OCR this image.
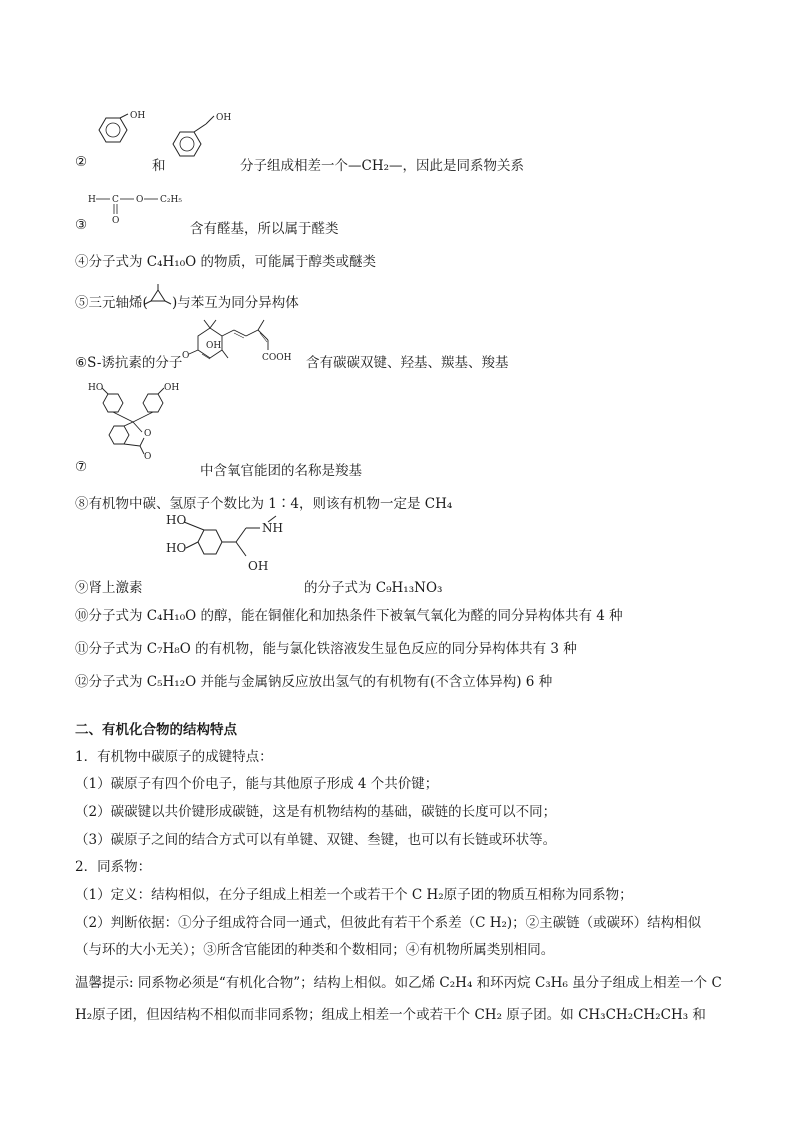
OH	OH
②	和	分子组成相差一个—CH₂—，因此是同系物关系
H C
O
O C₂H₅
③	含有醛基，所以属于醛类
④分子式为 C₄H₁₀O 的物质，可能属于醇类或醚类
⑤三元轴烯( )与苯互为同分异构体
⑥S-诱抗素的分子 O
OH
COOH 含有碳碳双键、羟基、羰基、羧基
HO	OH
O
O
⑦	中含氧官能团的名称是羧基
⑧有机物中碳、氢原子个数比为 1∶4，则该有机物一定是 CH₄
HO
HO
OH
NH
⑨肾上激素	的分子式为 C₉H₁₃NO₃
⑩分子式为 C₄H₁₀O 的醇，能在铜催化和加热条件下被氧气氧化为醛的同分异构体共有 4 种
⑪分子式为 C₇H₈O 的有机物，能与氯化铁溶液发生显色反应的同分异构体共有 3 种
⑫分子式为 C₅H₁₂O 并能与金属钠反应放出氢气的有机物有(不含立体异构) 6 种
二、有机化合物的结构特点
1．有机物中碳原子的成键特点：
（1）碳原子有四个价电子，能与其他原子形成 4 个共价键；
（2）碳碳键以共价键形成碳链，这是有机物结构的基础，碳链的长度可以不同；
（3）碳原子之间的结合方式可以有单键、双键、叁键，也可以有长链或环状等。
2．同系物：
（1）定义：结构相似，在分子组成上相差一个或若干个 C H₂原子团的物质互相称为同系物；
（2）判断依据：①分子组成符合同一通式，但彼此有若干个系差（C H₂)；②主碳链（或碳环）结构相似
（与环的大小无关）；③所含官能团的种类和个数相同；④有机物所属类别相同。
温馨提示: 同系物必须是“有机化合物”；结构上相似。如乙烯 C₂H₄ 和环丙烷 C₃H₆ 虽分子组成上相差一个 C
H₂原子团，但因结构不相似而非同系物；组成上相差一个或若干个 CH₂ 原子团。如 CH₃CH₂CH₂CH₃ 和
